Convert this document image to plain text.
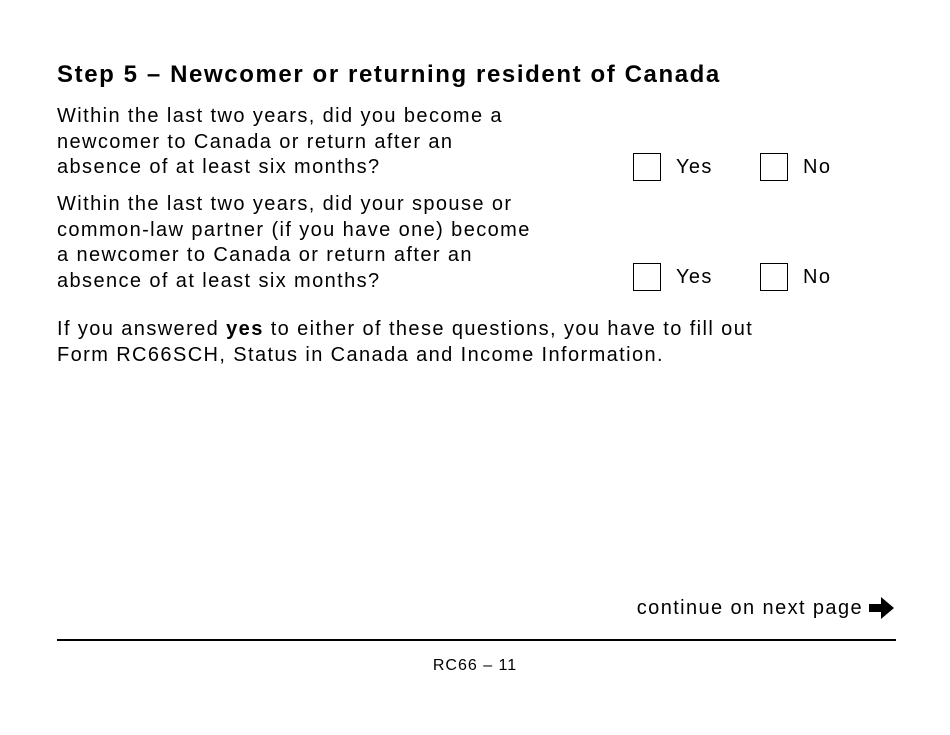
Step 5 – Newcomer or returning resident of Canada
Within the last two years, did you become a
newcomer to Canada or return after an
absence of at least six months?	Yes	No
Within the last two years, did your spouse or
common-law partner (if you have one) become
a newcomer to Canada or return after an
absence of at least six months?	Yes	No
If you answered yes to either of these questions, you have to fill out
Form RC66SCH, Status in Canada and Income Information.
continue on next page
RC66 – 11
